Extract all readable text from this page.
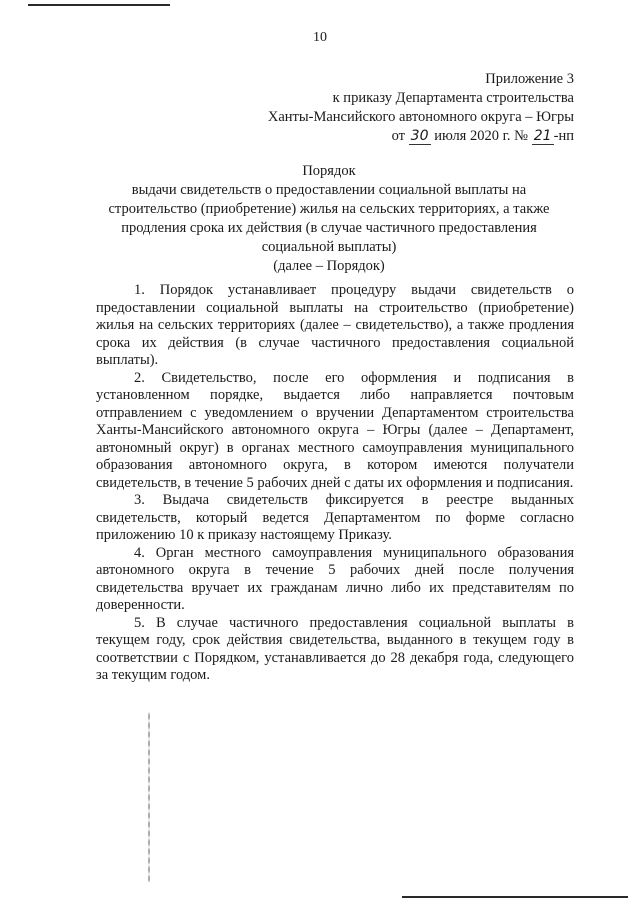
10
Приложение 3
к приказу Департамента строительства
Ханты-Мансийского автономного округа – Югры
от 30 июля 2020 г. № 21 -нп
Порядок
выдачи свидетельств о предоставлении социальной выплаты на
строительство (приобретение) жилья на сельских территориях, а также
продления срока их действия (в случае частичного предоставления
социальной выплаты)
(далее – Порядок)

1. Порядок устанавливает процедуру выдачи свидетельств о предоставлении социальной выплаты на строительство (приобретение) жилья на сельских территориях (далее – свидетельство), а также продления срока их действия (в случае частичного предоставления социальной выплаты).

2. Свидетельство, после его оформления и подписания в установленном порядке, выдается либо направляется почтовым отправлением с уведомлением о вручении Департаментом строительства Ханты-Мансийского автономного округа – Югры (далее – Департамент, автономный округ) в органах местного самоуправления муниципального образования автономного округа, в котором имеются получатели свидетельств, в течение 5 рабочих дней с даты их оформления и подписания.

3. Выдача свидетельств фиксируется в реестре выданных свидетельств, который ведется Департаментом по форме согласно приложению 10 к приказу настоящему Приказу.

4. Орган местного самоуправления муниципального образования автономного округа в течение 5 рабочих дней после получения свидетельства вручает их гражданам лично либо их представителям по доверенности.

5. В случае частичного предоставления социальной выплаты в текущем году, срок действия свидетельства, выданного в текущем году в соответствии с Порядком, устанавливается до 28 декабря года, следующего за текущим годом.
